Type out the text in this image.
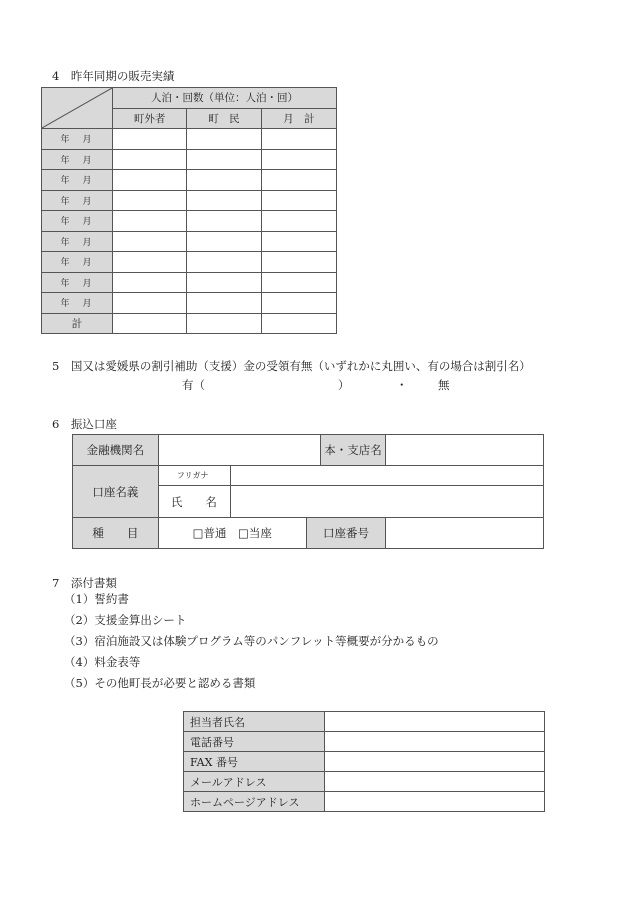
4　昨年同期の販売実績
	人泊・回数（単位：人泊・回）		
	町外者	町　民	月　計
年　月			
年　月			
年　月			
年　月			
年　月			
年　月			
年　月			
年　月			
年　月			
計			
5　国又は愛媛県の割引補助（支援）金の受領有無（いずれかに丸囲い、有の場合は割引名）
有（	）	・	無
6　振込口座
金融機関名				本・支店名	
口座名義	フリガナ				
	氏　　名				
種　　目	□普通　□当座		口座番号		
7　添付書類
（1）誓約書
（2）支援金算出シート
（3）宿泊施設又は体験プログラム等のパンフレット等概要が分かるもの
（4）料金表等
（5）その他町長が必要と認める書類
担当者氏名	
電話番号	
FAX 番号	
メールアドレス	
ホームページアドレス	
